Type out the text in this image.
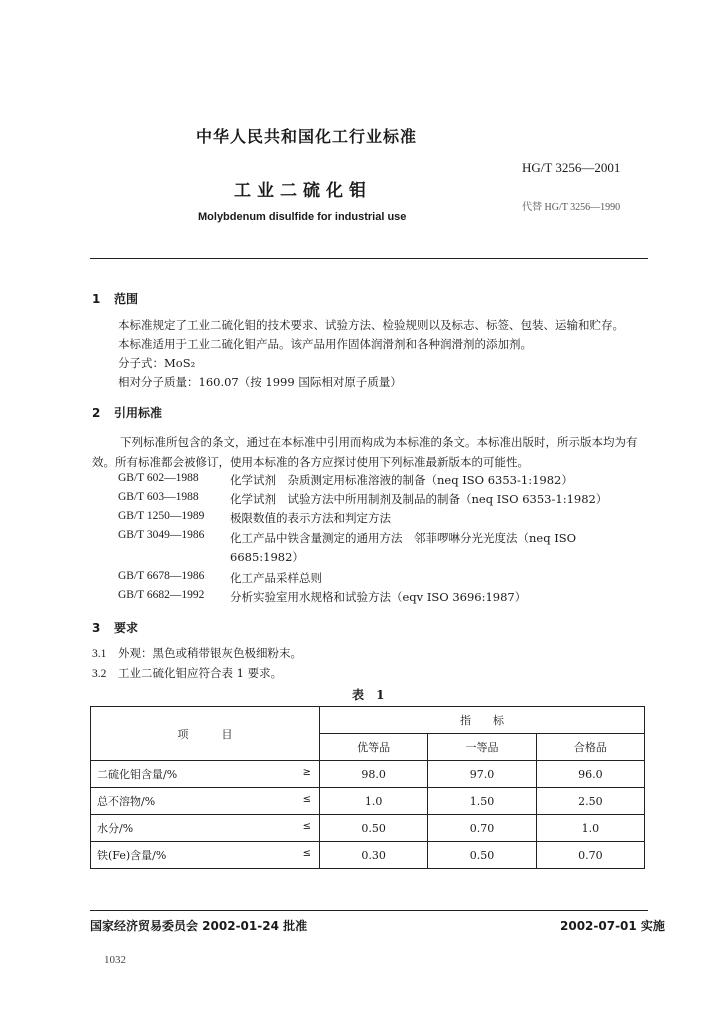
中华人民共和国化工行业标准
HG/T 3256—2001
工业二硫化钼
代替 HG/T 3256—1990
Molybdenum disulfide for industrial use
1 范围
本标准规定了工业二硫化钼的技术要求、试验方法、检验规则以及标志、标签、包装、运输和贮存。
本标准适用于工业二硫化钼产品。该产品用作固体润滑剂和各种润滑剂的添加剂。
分子式：MoS₂
相对分子质量：160.07（按 1999 国际相对原子质量）
2 引用标准
下列标准所包含的条文，通过在本标准中引用而构成为本标准的条文。本标准出版时，所示版本均为有效。所有标准都会被修订，使用本标准的各方应探讨使用下列标准最新版本的可能性。
GB/T 602—1988	化学试剂　杂质测定用标准溶液的制备（neq ISO 6353-1:1982）
GB/T 603—1988	化学试剂　试验方法中所用制剂及制品的制备（neq ISO 6353-1:1982）
GB/T 1250—1989	极限数值的表示方法和判定方法
GB/T 3049—1986	化工产品中铁含量测定的通用方法　邻菲啰啉分光光度法（neq ISO 6685:1982）
GB/T 6678—1986	化工产品采样总则
GB/T 6682—1992	分析实验室用水规格和试验方法（eqv ISO 3696:1987）
3 要求
3.1 外观：黑色或稍带银灰色极细粉末。
3.2 工业二硫化钼应符合表 1 要求。
表 1
项　　　目	指　　标		
	优等品	一等品	合格品
二硫化钼含量/% ≥	98.0	97.0	96.0
总不溶物/% ≤	1.0	1.50	2.50
水分/% ≤	0.50	0.70	1.0
铁(Fe)含量/% ≤	0.30	0.50	0.70
国家经济贸易委员会 2002-01-24 批准	2002-07-01 实施
1032
